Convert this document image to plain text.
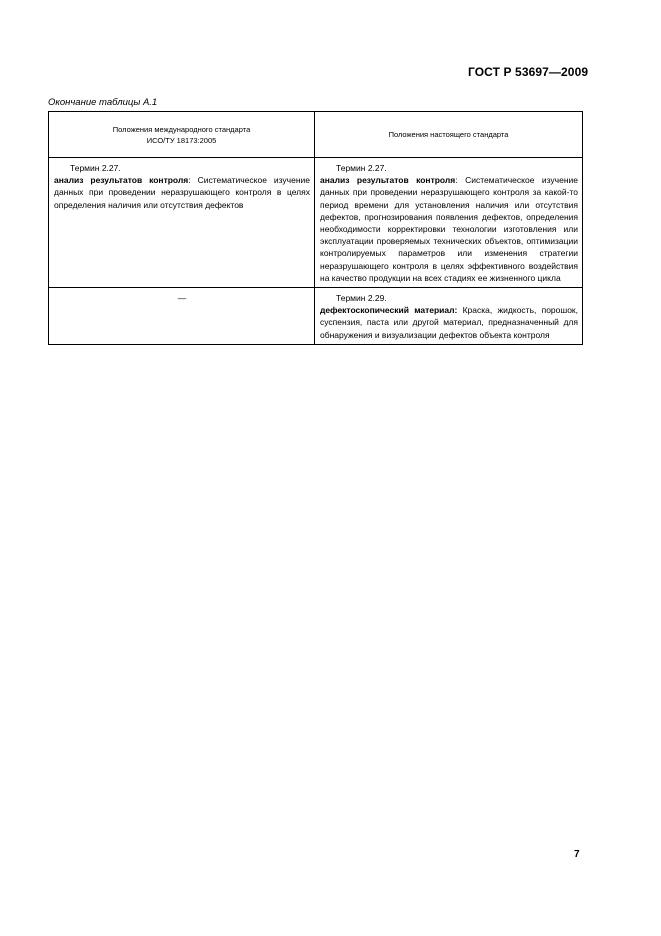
ГОСТ Р 53697—2009
Окончание таблицы А.1
Положения международного стандарта
ИСО/ТУ 18173:2005	Положения настоящего стандарта

Термин 2.27.
анализ результатов контроля: Систематическое изучение данных при проведении неразрушающего контроля в целях определения наличия или отсутствия дефектов	Термин 2.27.
анализ результатов контроля: Систематическое изучение данных при проведении неразрушающего контроля за какой-то период времени для установления наличия или отсутствия дефектов, прогнозирования появления дефектов, определения необходимости корректировки технологии изготовления или эксплуатации проверяемых технических объектов, оптимизации контролируемых параметров или изменения стратегии неразрушающего контроля в целях эффективного воздействия на качество продукции на всех стадиях ее жизненного цикла

—	Термин 2.29.
дефектоскопический материал: Краска, жидкость, порошок, суспензия, паста или другой материал, предназначенный для обнаружения и визуализации дефектов объекта контроля
7
